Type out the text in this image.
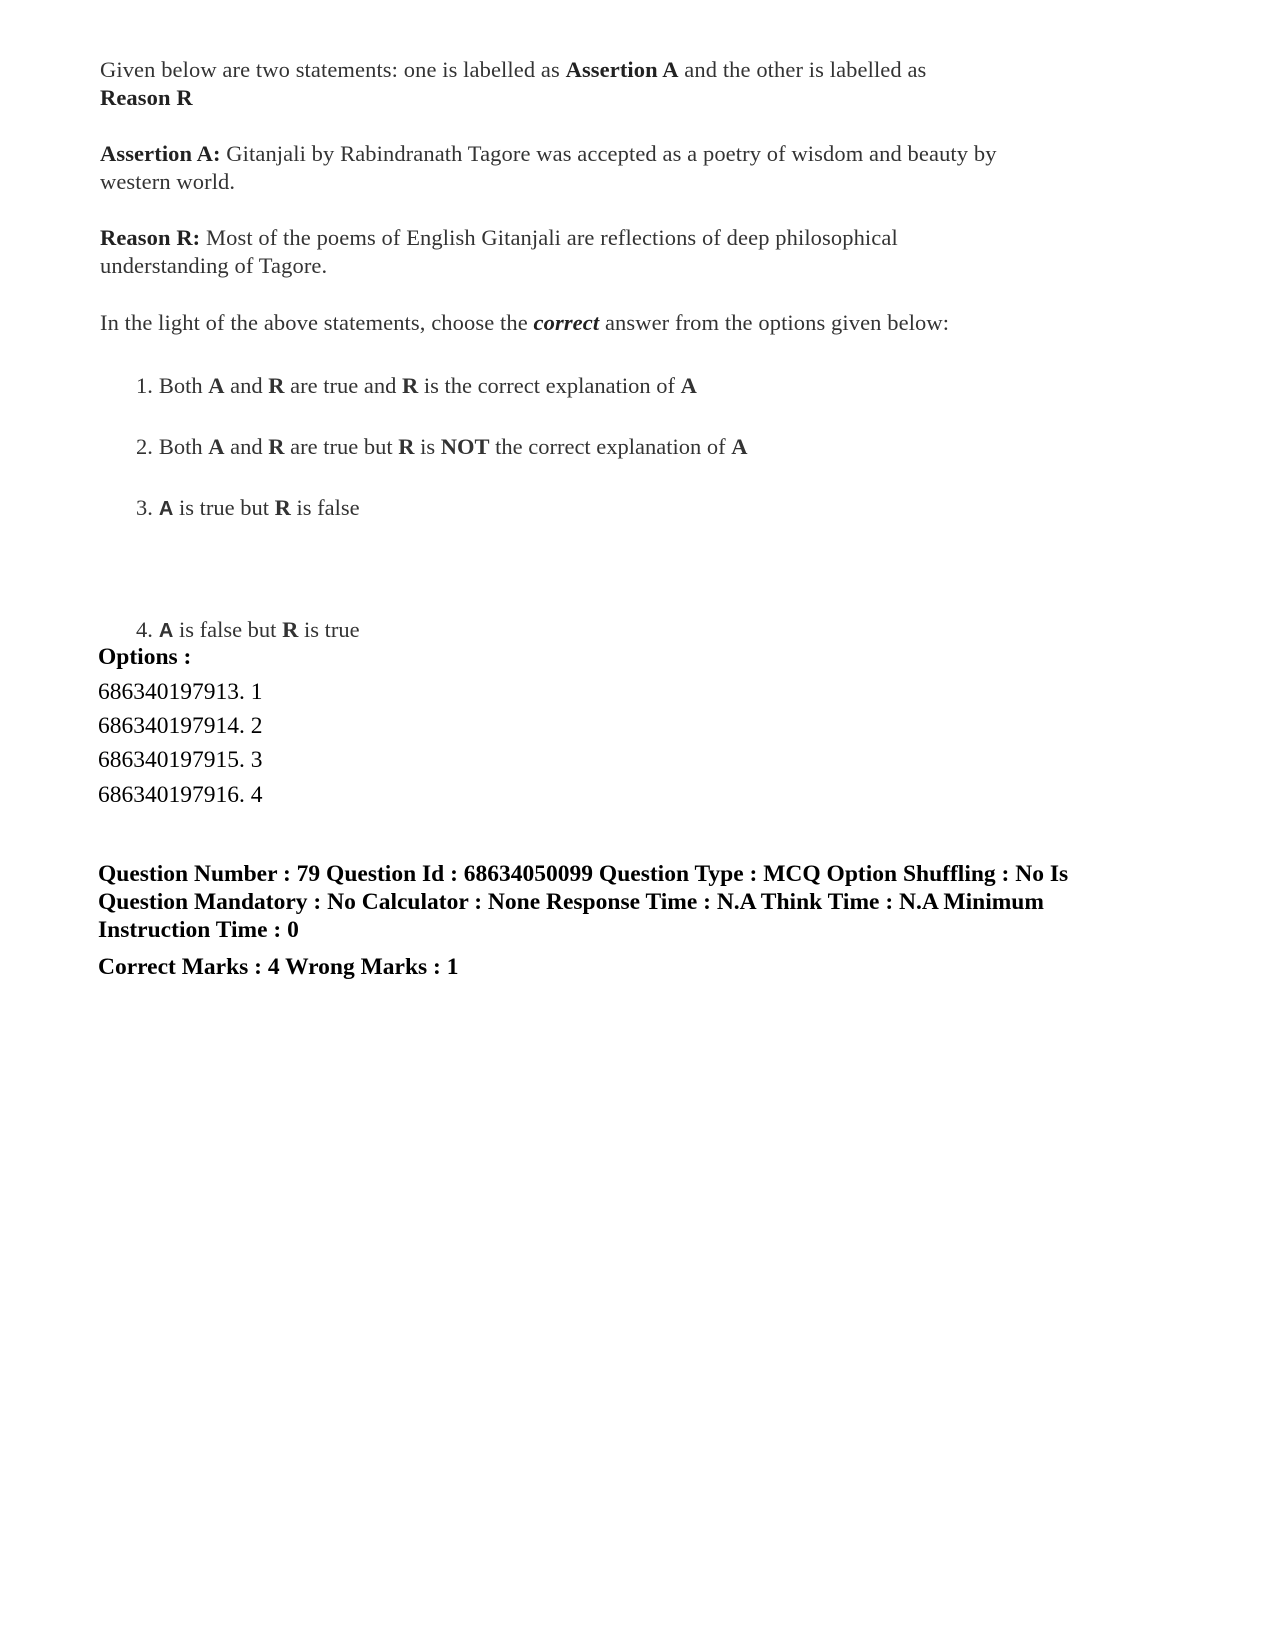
Given below are two statements: one is labelled as Assertion A and the other is labelled as
Reason R
Assertion A: Gitanjali by Rabindranath Tagore was accepted as a poetry of wisdom and beauty by western world.
Reason R: Most of the poems of English Gitanjali are reflections of deep philosophical understanding of Tagore.
In the light of the above statements, choose the correct answer from the options given below:
1. Both A and R are true and R is the correct explanation of A
2. Both A and R are true but R is NOT the correct explanation of A
3. A is true but R is false
4. A is false but R is true
Options :
686340197913. 1
686340197914. 2
686340197915. 3
686340197916. 4
Question Number : 79 Question Id : 68634050099 Question Type : MCQ Option Shuffling : No Is Question Mandatory : No Calculator : None Response Time : N.A Think Time : N.A Minimum Instruction Time : 0
Correct Marks : 4 Wrong Marks : 1
